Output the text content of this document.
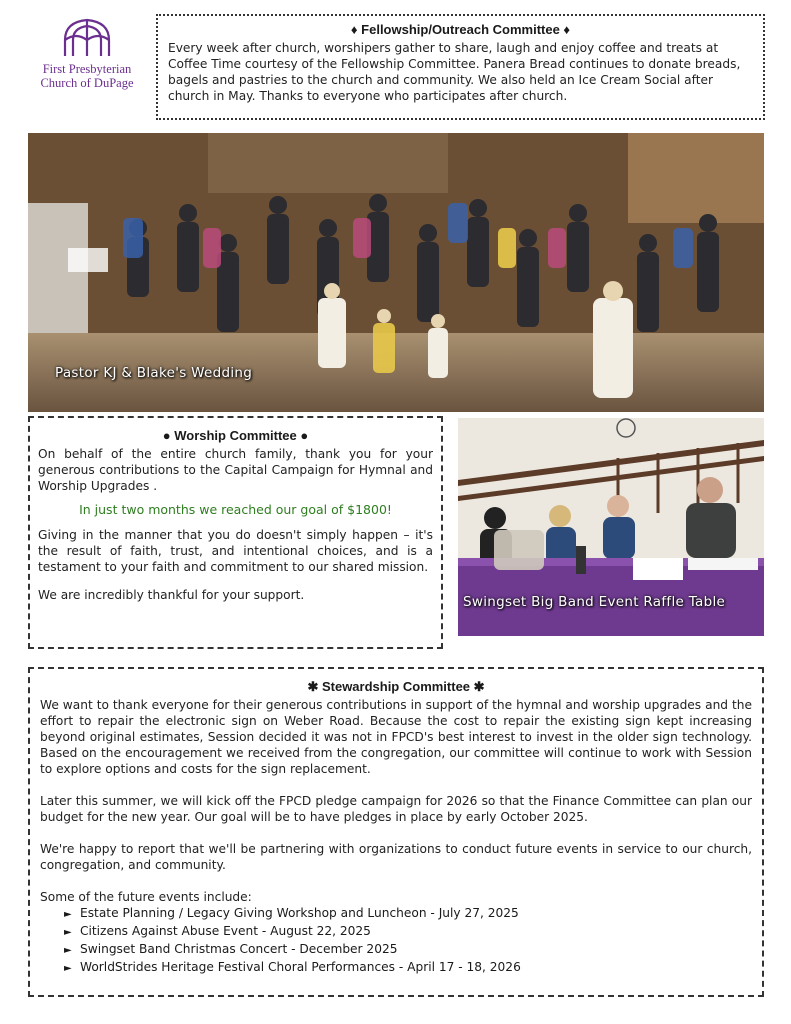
First Presbyterian
Church of DuPage
♦ Fellowship/Outreach Committee ♦
Every week after church, worshipers gather to share, laugh and enjoy coffee and treats at Coffee Time courtesy of the Fellowship Committee. Panera Bread continues to donate breads, bagels and pastries to the church and community. We also held an Ice Cream Social after church in May. Thanks to everyone who participates after church.
Pastor KJ & Blake's Wedding
● Worship Committee ●

On behalf of the entire church family, thank you for your generous contributions to the Capital Campaign for Hymnal and Worship Upgrades .

In just two months we reached our goal of $1800!

Giving in the manner that you do doesn't simply happen – it's the result of faith, trust, and intentional choices, and is a testament to your faith and commitment to our shared mission.

We are incredibly thankful for your support.	Swingset Big Band Event Raffle Table
✱ Stewardship Committee ✱

We want to thank everyone for their generous contributions in support of the hymnal and worship upgrades and the effort to repair the electronic sign on Weber Road. Because the cost to repair the existing sign kept increasing beyond original estimates, Session decided it was not in FPCD's best interest to invest in the older sign technology. Based on the encouragement we received from the congregation, our committee will continue to work with Session to explore options and costs for the sign replacement.

Later this summer, we will kick off the FPCD pledge campaign for 2026 so that the Finance Committee can plan our budget for the new year. Our goal will be to have pledges in place by early October 2025.

We're happy to report that we'll be partnering with organizations to conduct future events in service to our church, congregation, and community.

Some of the future events include:
► Estate Planning / Legacy Giving Workshop and Luncheon - July 27, 2025
► Citizens Against Abuse Event - August 22, 2025
► Swingset Band Christmas Concert - December 2025
► WorldStrides Heritage Festival Choral Performances - April 17 - 18, 2026
